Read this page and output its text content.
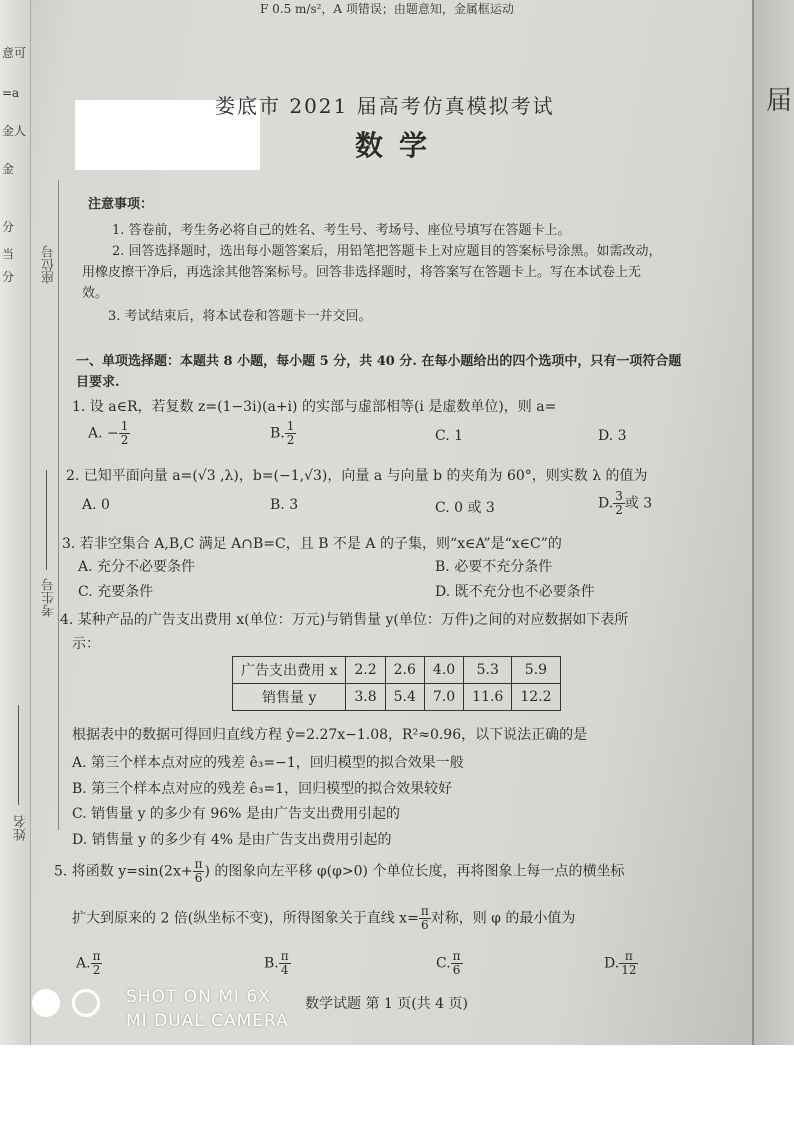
意可
=a
金人
金
分
当
分
届
F 0.5 m/s²，A 项错误；由题意知，金属框运动
座位号
考生号
姓名
娄底市 2021 届高考仿真模拟考试
数学
注意事项：
1. 答卷前，考生务必将自己的姓名、考生号、考场号、座位号填写在答题卡上。
2. 回答选择题时，选出每小题答案后，用铅笔把答题卡上对应题目的答案标号涂黑。如需改动，
用橡皮擦干净后，再选涂其他答案标号。回答非选择题时，将答案写在答题卡上。写在本试卷上无
效。
3. 考试结束后，将本试卷和答题卡一并交回。
一、单项选择题：本题共 8 小题，每小题 5 分，共 40 分. 在每小题给出的四个选项中，只有一项符合题
目要求.
1. 设 a∈R，若复数 z=(1−3i)(a+i) 的实部与虚部相等(i 是虚数单位)，则 a=
A. − $\frac{1}{2}$	B. $\frac{1}{2}$	C. 1	D. 3
2. 已知平面向量 a=(√3 ,λ)，b=(−1,√3)，向量 a 与向量 b 的夹角为 60°，则实数 λ 的值为
A. 0	B. 3	C. 0 或 3	D. $\frac{3}{2}$ 或 3
3. 若非空集合 A,B,C 满足 A∩B=C，且 B 不是 A 的子集，则“x∈A”是“x∈C”的
A. 充分不必要条件	B. 必要不充分条件
C. 充要条件	D. 既不充分也不必要条件
4. 某种产品的广告支出费用 x(单位：万元)与销售量 y(单位：万件)之间的对应数据如下表所
示：
广告支出费用 x	2.2	2.6	4.0	5.3	5.9
销售量 y	3.8	5.4	7.0	11.6	12.2
根据表中的数据可得回归直线方程 ŷ=2.27x−1.08，R²≈0.96，以下说法正确的是
A. 第三个样本点对应的残差 ê₃=−1，回归模型的拟合效果一般
B. 第三个样本点对应的残差 ê₃=1，回归模型的拟合效果较好
C. 销售量 y 的多少有 96% 是由广告支出费用引起的
D. 销售量 y 的多少有 4% 是由广告支出费用引起的
5. 将函数 $y=\sin(2x+ \frac{\pi}{6}$ ) 的图象向左平移 φ(φ>0) 个单位长度，再将图象上每一点的横坐标
扩大到原来的 2 倍(纵坐标不变)，所得图象关于直线 $x= \frac{\pi}{6}$ 对称，则 φ 的最小值为
A. $\frac{\pi}{2}$	B. $\frac{\pi}{4}$	C. $\frac{\pi}{6}$	D. $\frac{\pi}{12}$
数学试题 第 1 页(共 4 页)
SHOT ON MI 6X
MI DUAL CAMERA
